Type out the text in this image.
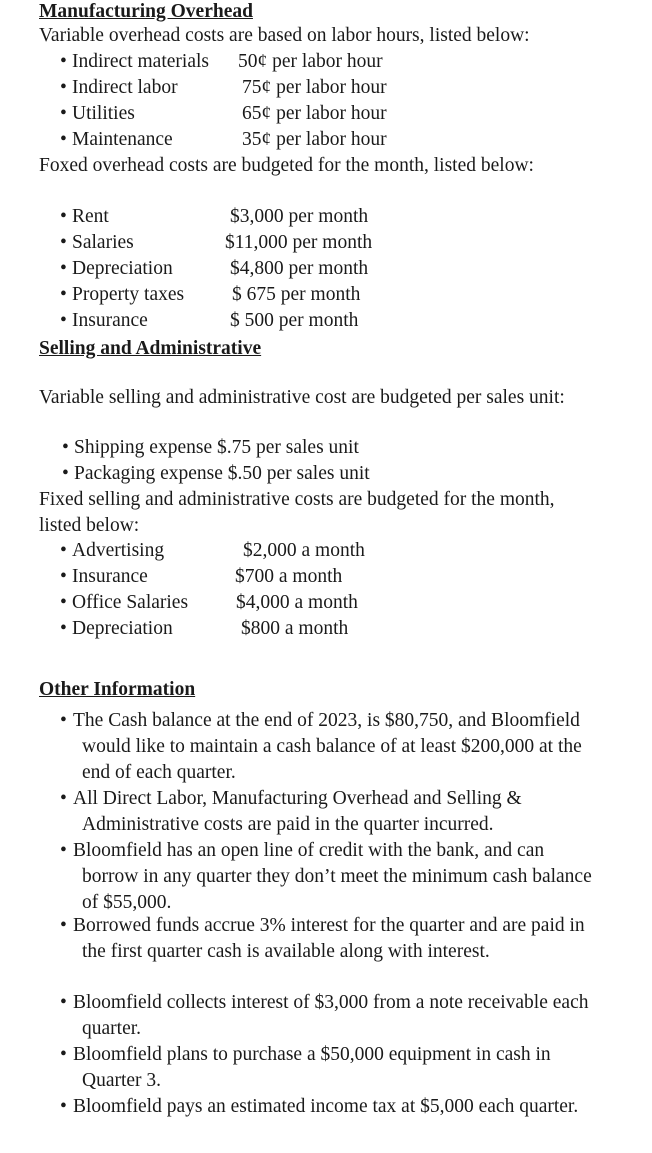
Manufacturing Overhead
Variable overhead costs are based on labor hours, listed below:
• Indirect materials 50¢ per labor hour
• Indirect labor	75¢ per labor hour
• Utilities	65¢ per labor hour
• Maintenance	35¢ per labor hour
Foxed overhead costs are budgeted for the month, listed below:
• Rent	$3,000 per month
• Salaries	$11,000 per month
• Depreciation	$4,800 per month
• Property taxes $ 675 per month
• Insurance	$ 500 per month
Selling and Administrative
Variable selling and administrative cost are budgeted per sales unit:
• Shipping expense $.75 per sales unit
• Packaging expense $.50 per sales unit
Fixed selling and administrative costs are budgeted for the month, listed below:
• Advertising	$2,000 a month
• Insurance	$700 a month
• Office Salaries $4,000 a month
• Depreciation	$800 a month
Other Information
• The Cash balance at the end of 2023, is $80,750, and Bloomfield would like to maintain a cash balance of at least $200,000 at the end of each quarter.
• All Direct Labor, Manufacturing Overhead and Selling & Administrative costs are paid in the quarter incurred.
• Bloomfield has an open line of credit with the bank, and can borrow in any quarter they don’t meet the minimum cash balance of $55,000.
• Borrowed funds accrue 3% interest for the quarter and are paid in the first quarter cash is available along with interest.
• Bloomfield collects interest of $3,000 from a note receivable each quarter.
• Bloomfield plans to purchase a $50,000 equipment in cash in Quarter 3.
• Bloomfield pays an estimated income tax at $5,000 each quarter.
